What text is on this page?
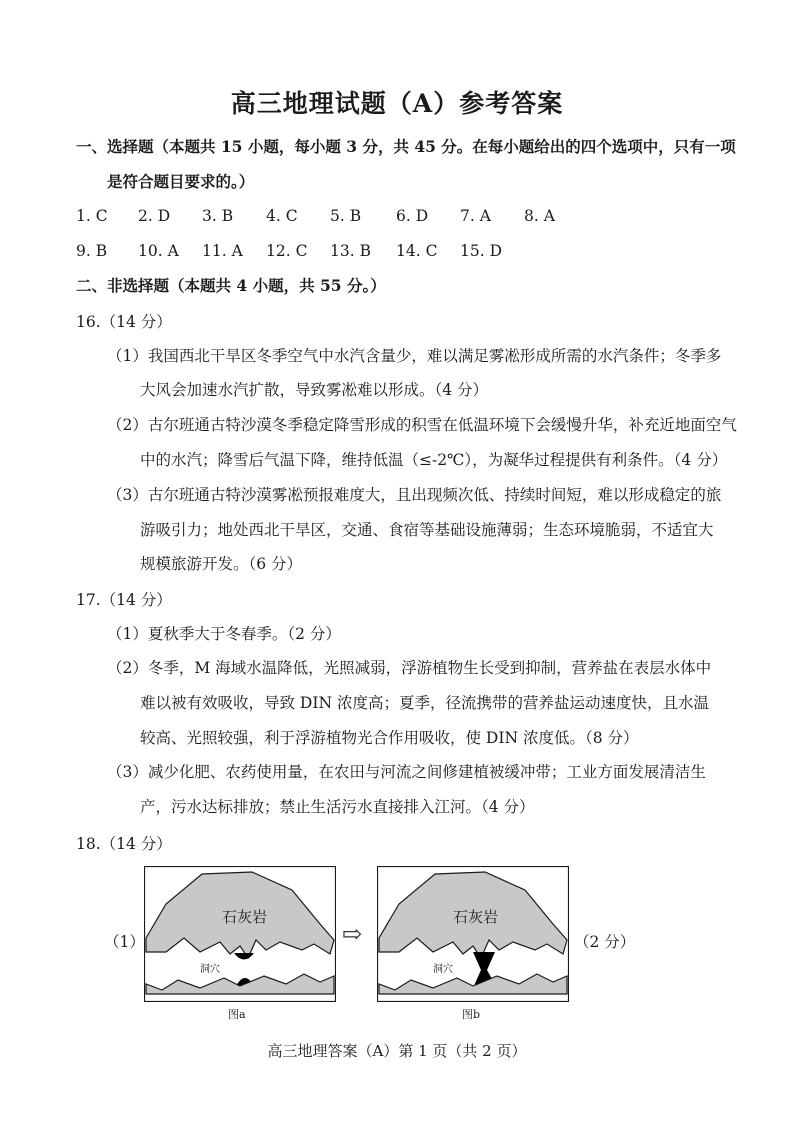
高三地理试题（A）参考答案
一、选择题（本题共 15 小题，每小题 3 分，共 45 分。在每小题给出的四个选项中，只有一项
是符合题目要求的。）
1. C 2. D 3. B 4. C 5. B 6. D 7. A 8. A
9. B 10. A 11. A 12. C 13. B 14. C 15. D
二、非选择题（本题共 4 小题，共 55 分。）
16.（14 分）
（1）我国西北干旱区冬季空气中水汽含量少，难以满足雾凇形成所需的水汽条件；冬季多
大风会加速水汽扩散，导致雾凇难以形成。（4 分）
（2）古尔班通古特沙漠冬季稳定降雪形成的积雪在低温环境下会缓慢升华，补充近地面空气
中的水汽；降雪后气温下降，维持低温（≤-2℃），为凝华过程提供有利条件。（4 分）
（3）古尔班通古特沙漠雾凇预报难度大，且出现频次低、持续时间短，难以形成稳定的旅
游吸引力；地处西北干旱区，交通、食宿等基础设施薄弱；生态环境脆弱，不适宜大
规模旅游开发。（6 分）
17.（14 分）
（1）夏秋季大于冬春季。（2 分）
（2）冬季，M 海域水温降低，光照减弱，浮游植物生长受到抑制，营养盐在表层水体中
难以被有效吸收，导致 DIN 浓度高；夏季，径流携带的营养盐运动速度快，且水温
较高、光照较强，利于浮游植物光合作用吸收，使 DIN 浓度低。（8 分）
（3）减少化肥、农药使用量，在农田与河流之间修建植被缓冲带；工业方面发展清洁生
产，污水达标排放；禁止生活污水直接排入江河。（4 分）
18.（14 分）
（1）
石灰岩
洞穴
图a
⇨
石灰岩
洞穴
图b
（2 分）
高三地理答案（A）第 1 页（共 2 页）
